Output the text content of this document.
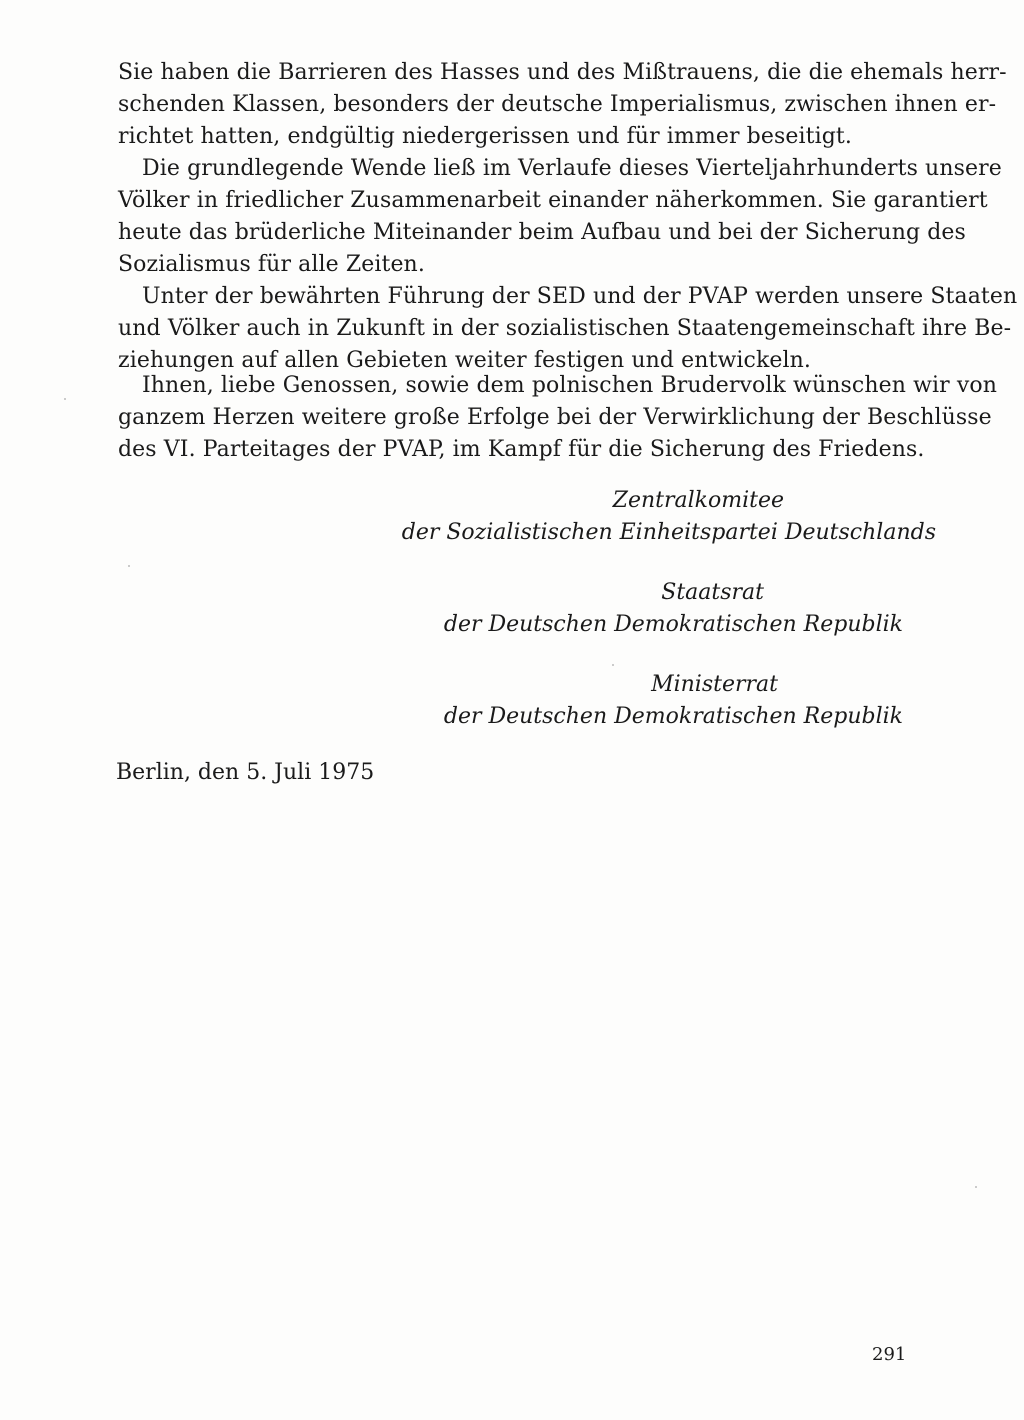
Sie haben die Barrieren des Hasses und des Mißtrauens, die die ehemals herr-
schenden Klassen, besonders der deutsche Imperialismus, zwischen ihnen er-
richtet hatten, endgültig niedergerissen und für immer beseitigt.
Die grundlegende Wende ließ im Verlaufe dieses Vierteljahrhunderts unsere
Völker in friedlicher Zusammenarbeit einander näherkommen. Sie garantiert
heute das brüderliche Miteinander beim Aufbau und bei der Sicherung des
Sozialismus für alle Zeiten.
Unter der bewährten Führung der SED und der PVAP werden unsere Staaten
und Völker auch in Zukunft in der sozialistischen Staatengemeinschaft ihre Be-
ziehungen auf allen Gebieten weiter festigen und entwickeln.
Ihnen, liebe Genossen, sowie dem polnischen Brudervolk wünschen wir von
ganzem Herzen weitere große Erfolge bei der Verwirklichung der Beschlüsse
des VI. Parteitages der PVAP, im Kampf für die Sicherung des Friedens.
Zentralkomitee
der Sozialistischen Einheitspartei Deutschlands
Staatsrat
der Deutschen Demokratischen Republik
Ministerrat
der Deutschen Demokratischen Republik
Berlin, den 5. Juli 1975
291
